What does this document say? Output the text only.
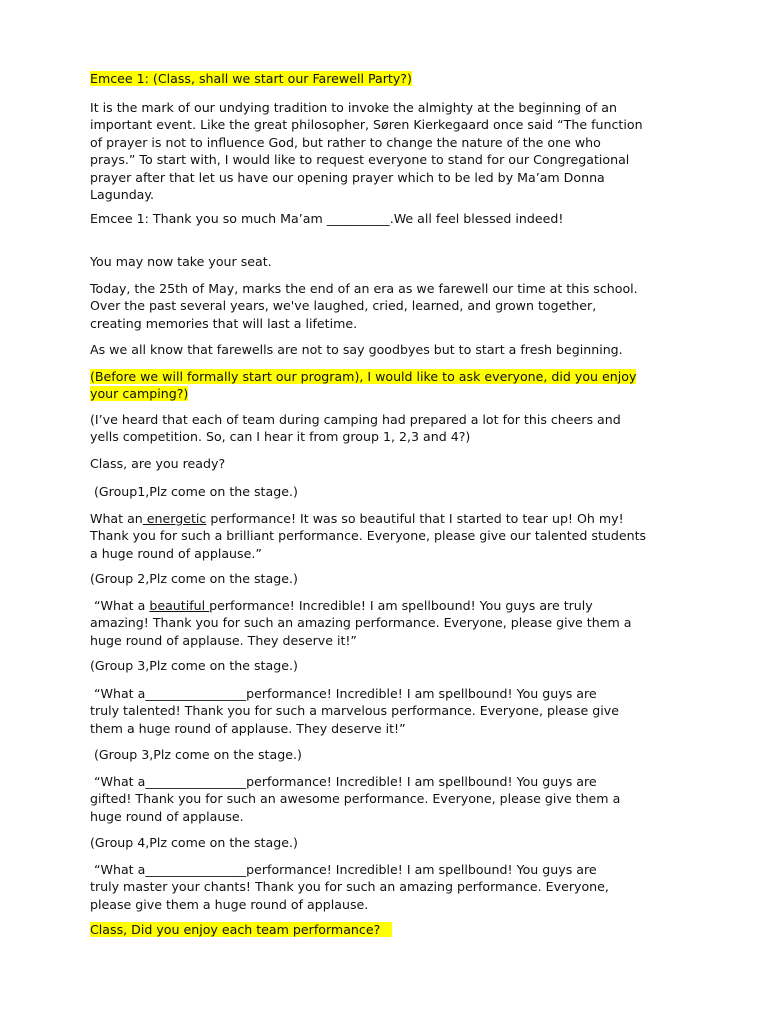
Emcee 1: (Class, shall we start our Farewell Party?)

It is the mark of our undying tradition to invoke the almighty at the beginning of an
important event. Like the great philosopher, Søren Kierkegaard once said “The function
of prayer is not to influence God, but rather to change the nature of the one who
prays.” To start with, I would like to request everyone to stand for our Congregational
prayer after that let us have our opening prayer which to be led by Ma’am Donna
Lagunday.

Emcee 1: Thank you so much Ma’am __________.We all feel blessed indeed!

You may now take your seat.

Today, the 25th of May, marks the end of an era as we farewell our time at this school.
Over the past several years, we've laughed, cried, learned, and grown together,
creating memories that will last a lifetime.

As we all know that farewells are not to say goodbyes but to start a fresh beginning.

(Before we will formally start our program), I would like to ask everyone, did you enjoy
your camping?)

(I’ve heard that each of team during camping had prepared a lot for this cheers and
yells competition. So, can I hear it from group 1, 2,3 and 4?)

Class, are you ready?

(Group1,Plz come on the stage.)

What an energetic performance! It was so beautiful that I started to tear up! Oh my!
Thank you for such a brilliant performance. Everyone, please give our talented students
a huge round of applause.”

(Group 2,Plz come on the stage.)

“What a beautiful performance! Incredible! I am spellbound! You guys are truly
amazing! Thank you for such an amazing performance. Everyone, please give them a
huge round of applause. They deserve it!”

(Group 3,Plz come on the stage.)

“What a________________performance! Incredible! I am spellbound! You guys are
truly talented! Thank you for such a marvelous performance. Everyone, please give
them a huge round of applause. They deserve it!”

(Group 3,Plz come on the stage.)

“What a________________performance! Incredible! I am spellbound! You guys are
gifted! Thank you for such an awesome performance. Everyone, please give them a
huge round of applause.

(Group 4,Plz come on the stage.)

“What a________________performance! Incredible! I am spellbound! You guys are
truly master your chants! Thank you for such an amazing performance. Everyone,
please give them a huge round of applause.

Class, Did you enjoy each team performance?
